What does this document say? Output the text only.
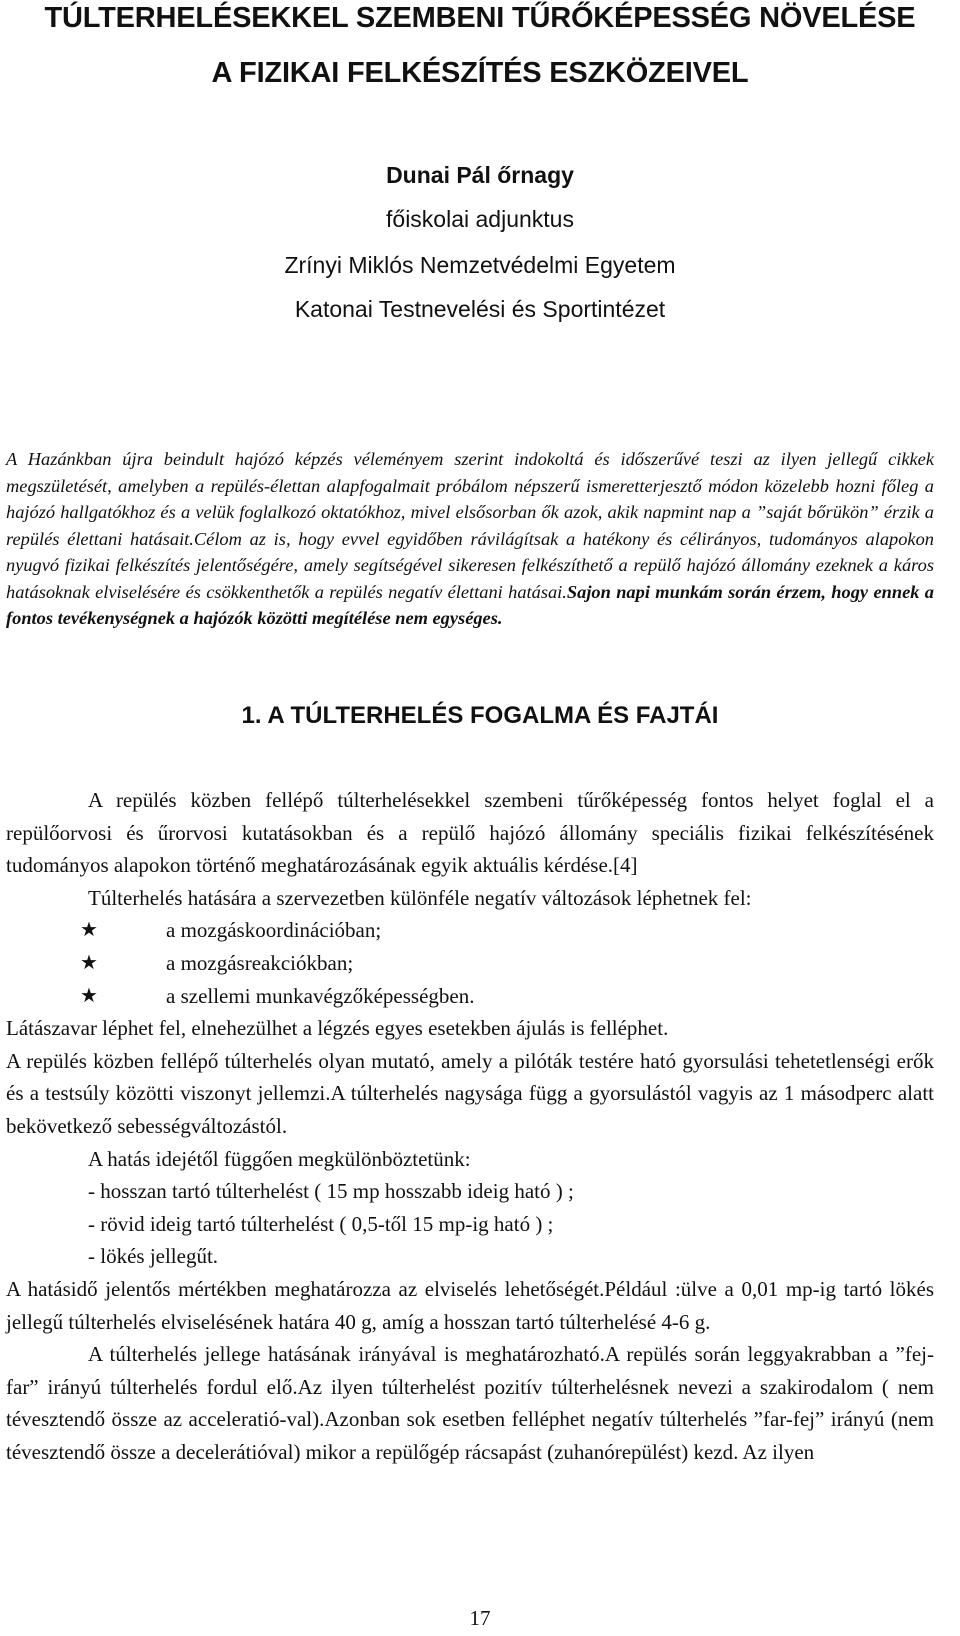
TÚLTERHELÉSEKKEL SZEMBENI TŰRŐKÉPESSÉG NÖVELÉSE
A FIZIKAI FELKÉSZÍTÉS ESZKÖZEIVEL
Dunai Pál őrnagy
főiskolai adjunktus
Zrínyi Miklós Nemzetvédelmi Egyetem
Katonai Testnevelési és Sportintézet

A Hazánkban újra beindult hajózó képzés véleményem szerint indokoltá és időszerűvé teszi az ilyen jellegű cikkek megszületését, amelyben a repülés-élettan alapfogalmait próbálom népszerű ismeretterjesztő módon közelebb hozni főleg a hajózó hallgatókhoz és a velük foglalkozó oktatókhoz, mivel elsősorban ők azok, akik napmint nap a ”saját bőrükön” érzik a repülés élettani hatásait.Célom az is, hogy evvel egyidőben rávilágítsak a hatékony és célirányos, tudományos alapokon nyugvó fizikai felkészítés jelentőségére, amely segítségével sikeresen felkészíthető a repülő hajózó állomány ezeknek a káros hatásoknak elviselésére és csökkenthetők a repülés negatív élettani hatásai.Sajon napi munkám során érzem, hogy ennek a fontos tevékenységnek a hajózók közötti megítélése nem egységes.

1. A TÚLTERHELÉS FOGALMA ÉS FAJTÁI

A repülés közben fellépő túlterhelésekkel szembeni tűrőképesség fontos helyet foglal el a repülőorvosi és űrorvosi kutatásokban és a repülő hajózó állomány speciális fizikai felkészítésének tudományos alapokon történő meghatározásának egyik aktuális kérdése.[4]

Túlterhelés hatására a szervezetben különféle negatív változások léphetnek fel:

★	a mozgáskoordinációban;

★	a mozgásreakciókban;

★	a szellemi munkavégzőképességben.

Látászavar léphet fel, elnehezülhet a légzés egyes esetekben ájulás is felléphet.

A repülés közben fellépő túlterhelés olyan mutató, amely a pilóták testére ható gyorsulási tehetetlenségi erők és a testsúly közötti viszonyt jellemzi.A túlterhelés nagysága függ a gyorsulástól vagyis az 1 másodperc alatt bekövetkező sebességváltozástól.

A hatás idejétől függően megkülönböztetünk:

- hosszan tartó túlterhelést ( 15 mp hosszabb ideig ható ) ;

- rövid ideig tartó túlterhelést ( 0,5-től 15 mp-ig ható ) ;

- lökés jellegűt.

A hatásidő jelentős mértékben meghatározza az elviselés lehetőségét.Például :ülve a 0,01 mp-ig tartó lökés jellegű túlterhelés elviselésének határa 40 g, amíg a hosszan tartó túlterhelésé 4-6 g.

A túlterhelés jellege hatásának irányával is meghatározható.A repülés során leggyakrabban a ”fej-far” irányú túlterhelés fordul elő.Az ilyen túlterhelést pozitív túlterhelésnek nevezi a szakirodalom ( nem tévesztendő össze az acceleratió-val).Azonban sok esetben felléphet negatív túlterhelés ”far-fej” irányú (nem tévesztendő össze a decelerátióval) mikor a repülőgép rácsapást (zuhanórepülést) kezd. Az ilyen

17
